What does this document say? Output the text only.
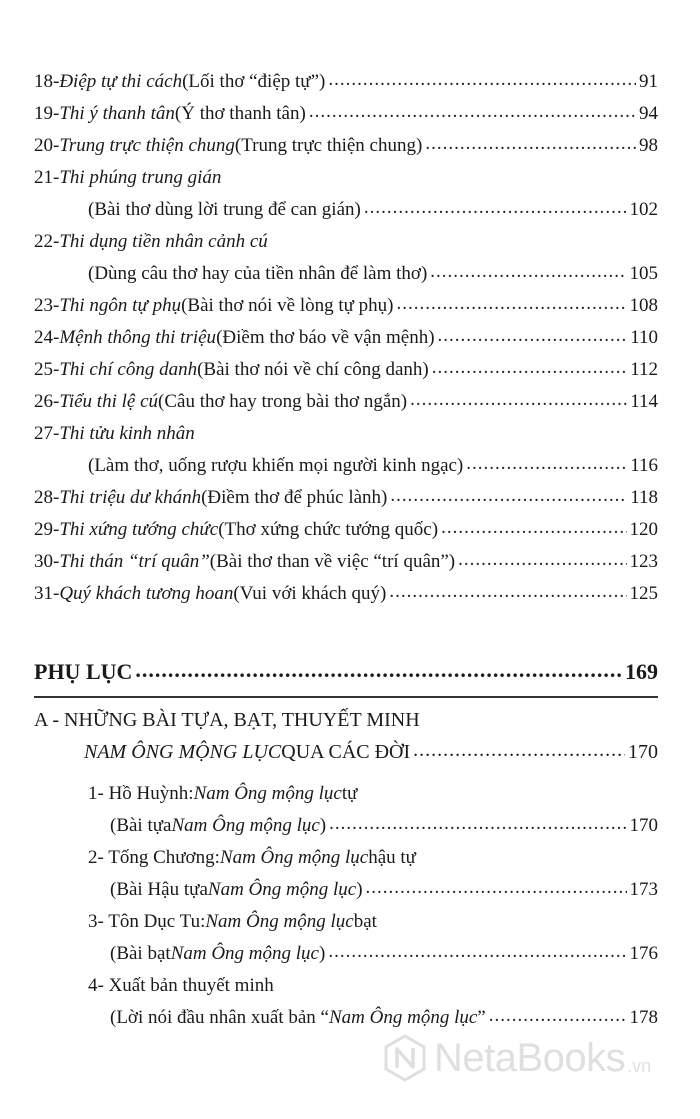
18- Điệp tự thi cách (Lối thơ “điệp tự”) .....	91
19- Thi ý thanh tân (Ý thơ thanh tân) .....	94
20- Trung trực thiện chung (Trung trực thiện chung) .....	98
21- Thi phúng trung gián
(Bài thơ dùng lời trung để can gián) .....	102
22- Thi dụng tiền nhân cảnh cú
(Dùng câu thơ hay của tiền nhân để làm thơ) .....	105
23- Thi ngôn tự phụ (Bài thơ nói về lòng tự phụ) .....	108
24- Mệnh thông thi triệu (Điềm thơ báo về vận mệnh) .....	110
25- Thi chí công danh (Bài thơ nói về chí công danh) .....	112
26- Tiểu thi lệ cú (Câu thơ hay trong bài thơ ngắn) .....	114
27- Thi tửu kinh nhân
(Làm thơ, uống rượu khiến mọi người kinh ngạc) .....	116
28- Thi triệu dư khánh (Điềm thơ để phúc lành) .....	118
29- Thi xứng tướng chức (Thơ xứng chức tướng quốc) .....	120
30- Thi thán “trí quân” (Bài thơ than về việc “trí quân”) .....	123
31- Quý khách tương hoan (Vui với khách quý) .....	125
PHỤ LỤC .....	169
A - NHỮNG BÀI TỰA, BẠT, THUYẾT MINH
NAM ÔNG MỘNG LỤC QUA CÁC ĐỜI .....	170
1- Hồ Huỳnh: Nam Ông mộng lục tự
(Bài tựa Nam Ông mộng lục ) .....	170
2- Tống Chương: Nam Ông mộng lục hậu tự
(Bài Hậu tựa Nam Ông mộng lục ) .....	173
3- Tôn Dục Tu: Nam Ông mộng lục bạt
(Bài bạt Nam Ông mộng lục ) .....	176
4- Xuất bản thuyết minh
(Lời nói đầu nhân xuất bản “ Nam Ông mộng lục ” .....	178
NetaBooks .vn
